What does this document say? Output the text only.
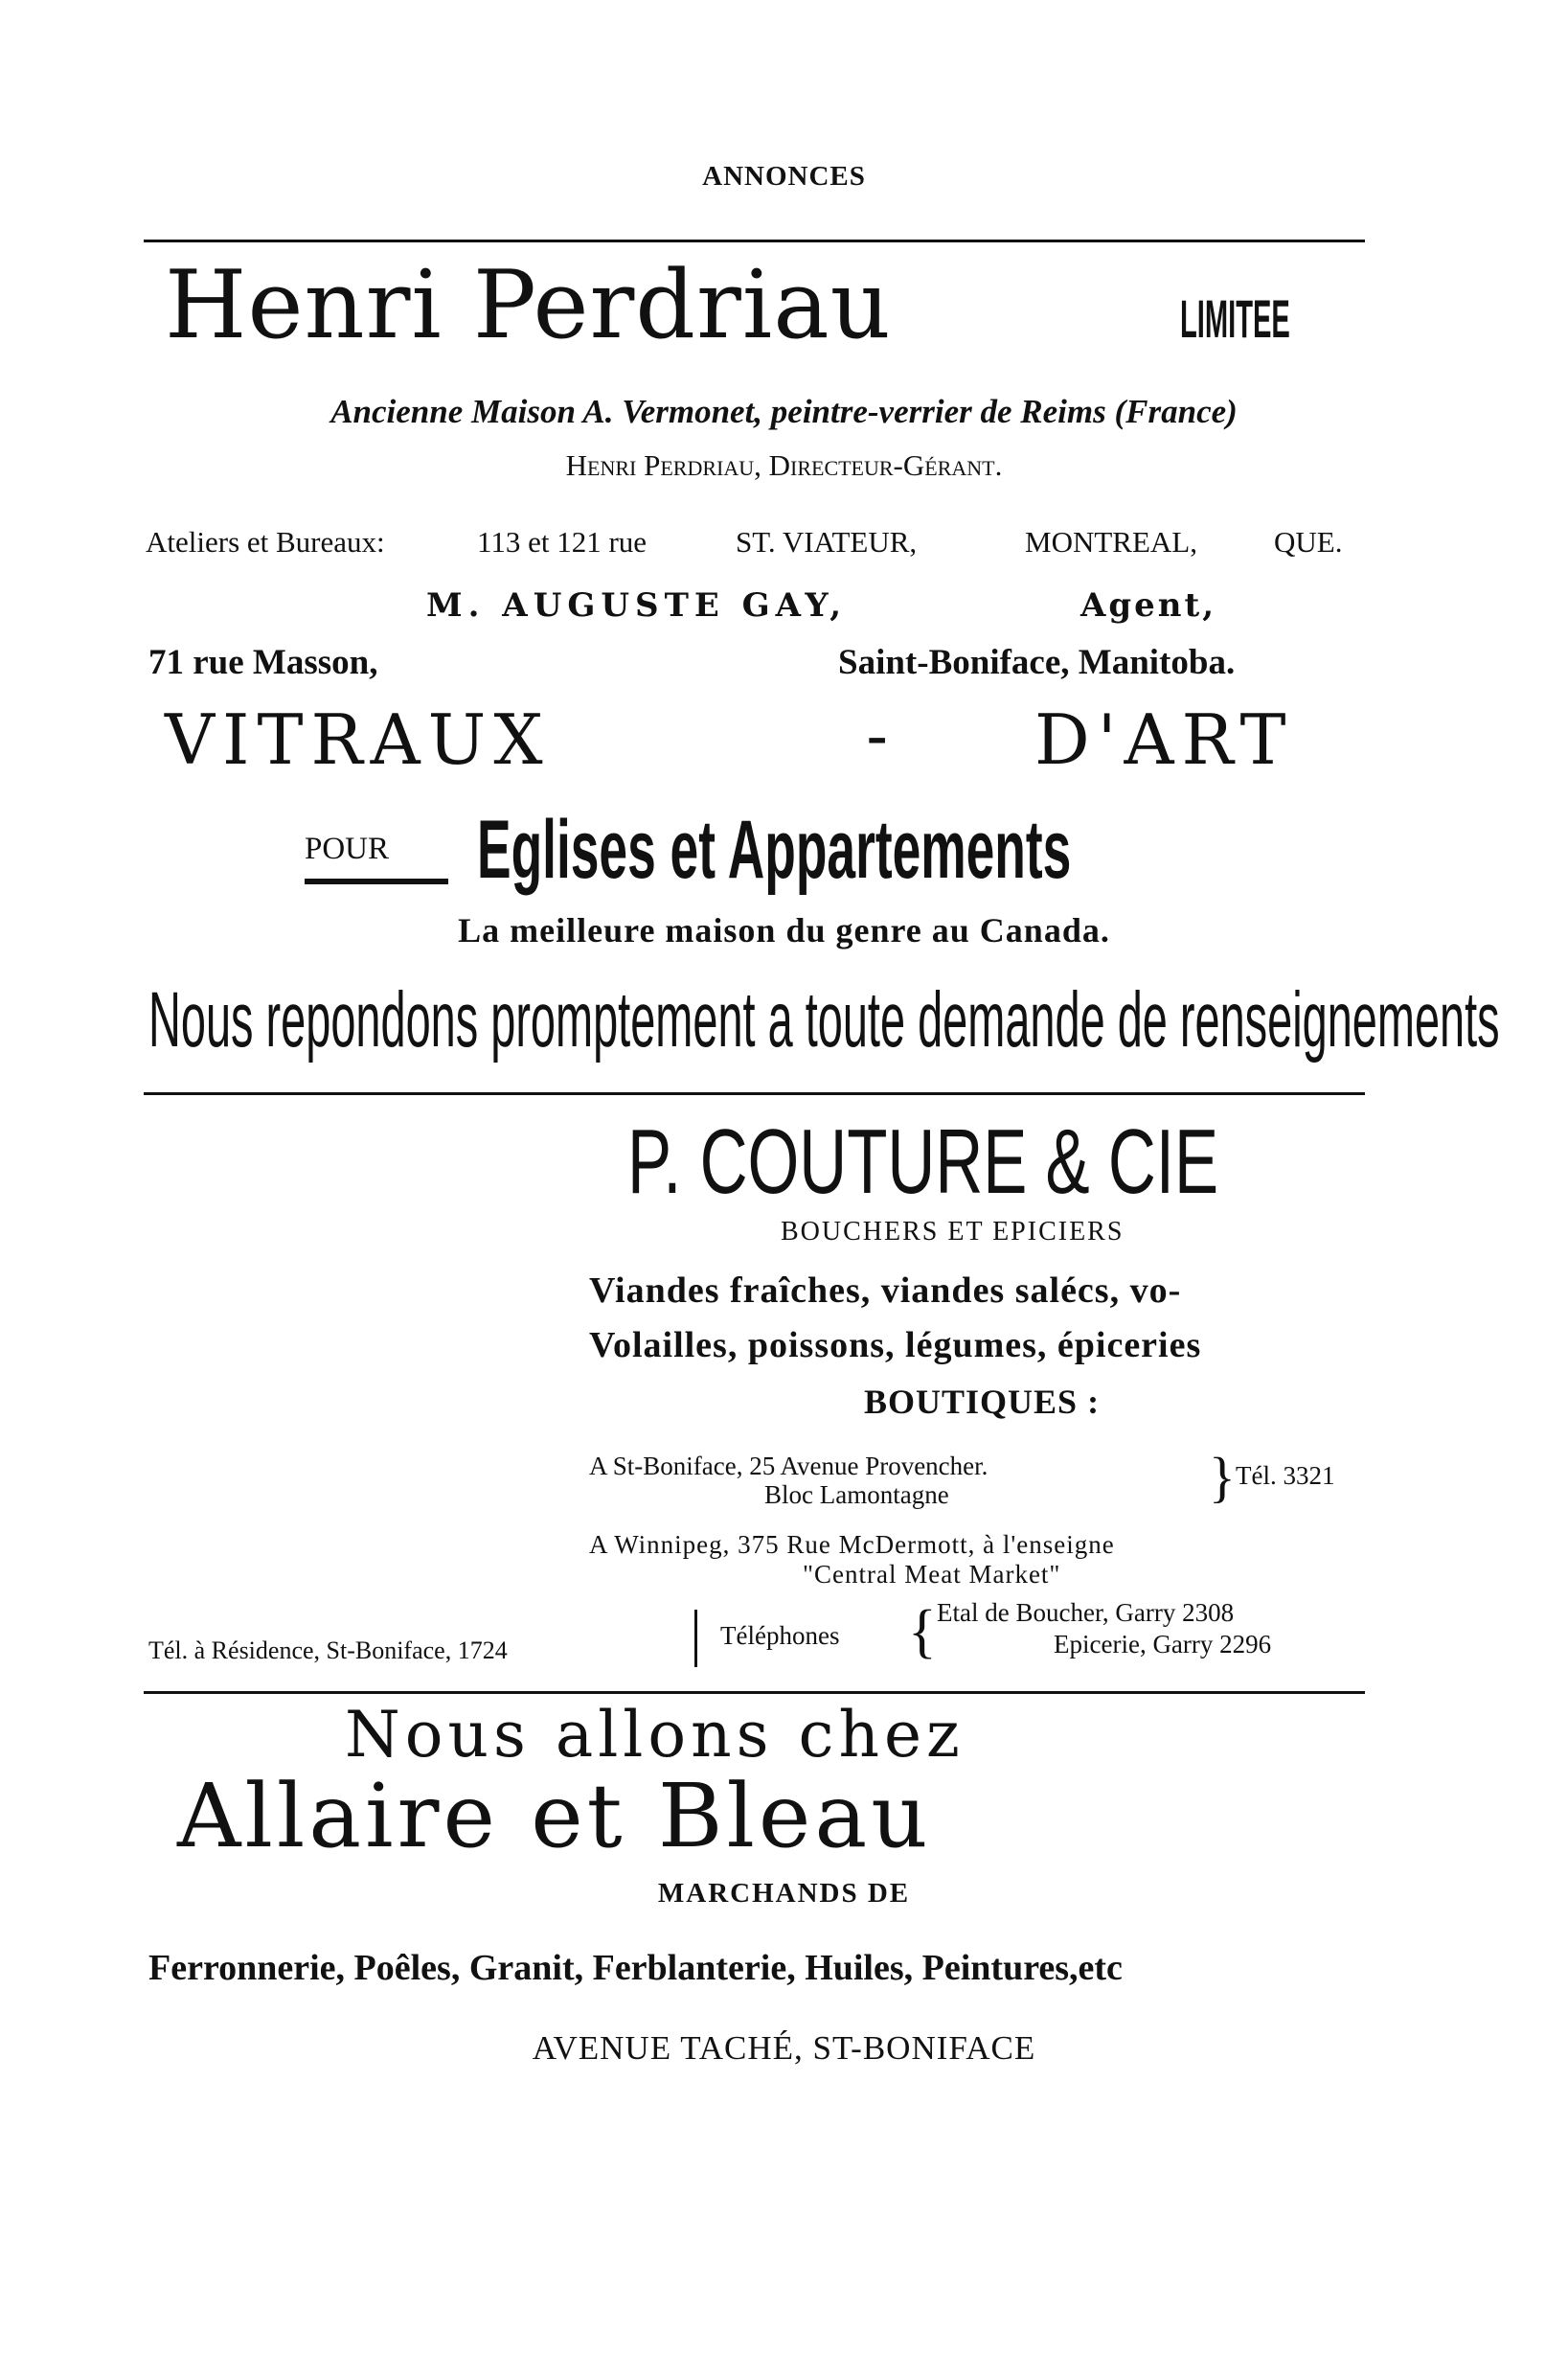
ANNONCES
Henri Perdriau	LIMITEE
Ancienne Maison A. Vermonet, peintre-verrier de Reims (France)
Henri Perdriau, Directeur-Gérant.
Ateliers et Bureaux:	113 et 121 rue	ST. VIATEUR,	MONTREAL,	QUE.
M. AUGUSTE GAY,	Agent,
71 rue Masson,	Saint-Boniface, Manitoba.
VITRAUX	- D'ART
POUR Eglises et Appartements
La meilleure maison du genre au Canada.
Nous repondons promptement a toute demande de renseignements
P. COUTURE & CIE
BOUCHERS ET EPICIERS
Viandes fraîches, viandes salécs, vo-
Volailles, poissons, légumes, épiceries
BOUTIQUES :
A St-Boniface, 25 Avenue Provencher.
Bloc Lamontagne	} Tél. 3321
A Winnipeg, 375 Rue McDermott, à l'enseigne
"Central Meat Market"
Tél. à Résidence, St-Boniface, 1724
Téléphones { Etal de Boucher, Garry 2308
Epicerie, Garry 2296
Nous allons chez
Allaire et Bleau
MARCHANDS DE
Ferronnerie, Poêles, Granit, Ferblanterie, Huiles, Peintures,etc
AVENUE TACHÉ, ST-BONIFACE
